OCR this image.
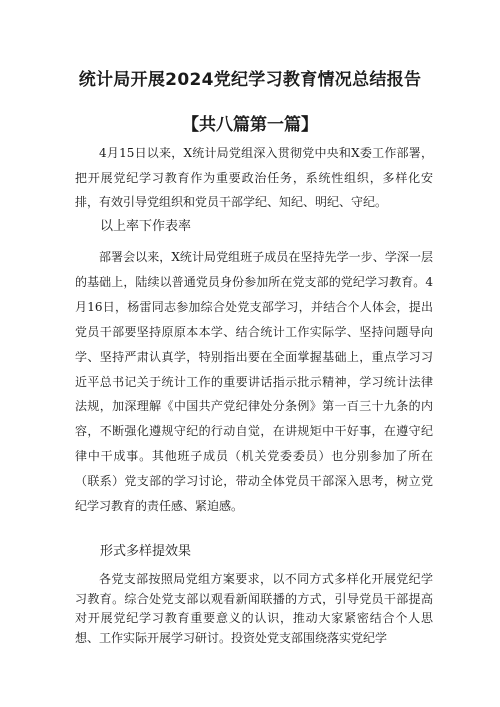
统计局开展2024党纪学习教育情况总结报告
【共八篇第一篇】

4月15日以来，X统计局党组深入贯彻党中央和X委工作部署，把开展党纪学习教育作为重要政治任务，系统性组织，多样化安排，有效引导党组织和党员干部学纪、知纪、明纪、守纪。

以上率下作表率

部署会以来，X统计局党组班子成员在坚持先学一步、学深一层的基础上，陆续以普通党员身份参加所在党支部的党纪学习教育。4月16日，杨雷同志参加综合处党支部学习，并结合个人体会，提出党员干部要坚持原原本本学、结合统计工作实际学、坚持问题导向学、坚持严肃认真学，特别指出要在全面掌握基础上，重点学习习近平总书记关于统计工作的重要讲话指示批示精神，学习统计法律法规，加深理解《中国共产党纪律处分条例》第一百三十九条的内容，不断强化遵规守纪的行动自觉，在讲规矩中干好事，在遵守纪律中干成事。其他班子成员（机关党委委员）也分别参加了所在（联系）党支部的学习讨论，带动全体党员干部深入思考，树立党纪学习教育的责任感、紧迫感。

形式多样提效果

各党支部按照局党组方案要求，以不同方式多样化开展党纪学习教育。综合处党支部以观看新闻联播的方式，引导党员干部提高对开展党纪学习教育重要意义的认识，推动大家紧密结合个人思想、工作实际开展学习研讨。投资处党支部围绕落实党纪学
